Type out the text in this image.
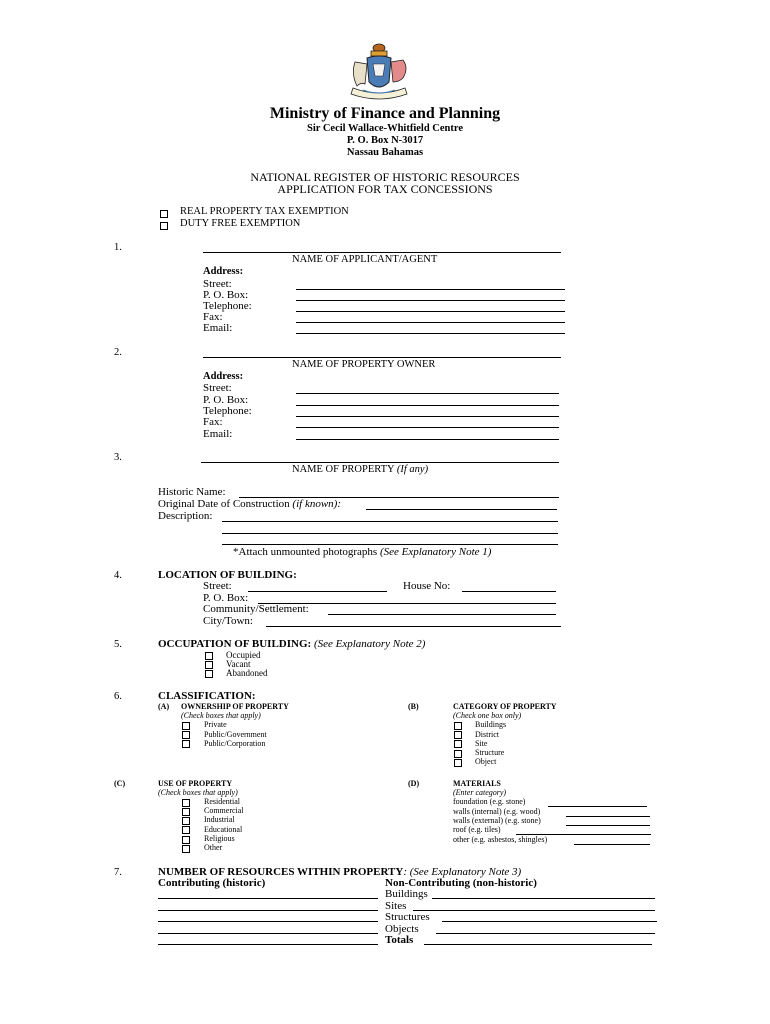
Ministry of Finance and Planning
Sir Cecil Wallace-Whitfield Centre
P. O. Box N-3017
Nassau Bahamas
NATIONAL REGISTER OF HISTORIC RESOURCES
APPLICATION FOR TAX CONCESSIONS
REAL PROPERTY TAX EXEMPTION
DUTY FREE EXEMPTION
1.
NAME OF APPLICANT/AGENT
Address:
Street:
P. O. Box:
Telephone:
Fax:
Email:
2.
NAME OF PROPERTY OWNER
Address:
Street:
P. O. Box:
Telephone:
Fax:
Email:
3.
NAME OF PROPERTY (If any)
Historic Name:
Original Date of Construction (if known):
Description:
*Attach unmounted photographs (See Explanatory Note 1)
4.	LOCATION OF BUILDING:
Street:	House No:
P. O. Box:
Community/Settlement:
City/Town:
5.	OCCUPATION OF BUILDING: (See Explanatory Note 2)
Occupied
Vacant
Abandoned
6.	CLASSIFICATION:
(A) OWNERSHIP OF PROPERTY
(Check boxes that apply)
Private
Public/Government
Public/Corporation
(B)	CATEGORY OF PROPERTY
(Check one box only)
Buildings
District
Site
Structure
Object
(C)	USE OF PROPERTY
(Check boxes that apply)
Residential
Commercial
Industrial
Educational
Religious
Other
(D)	MATERIALS
(Enter category)
foundation (e.g. stone)
walls (internal) (e.g. wood)
walls (external) (e.g. stone)
roof (e.g. tiles)
other (e.g. asbestos, shingles)
7.	NUMBER OF RESOURCES WITHIN PROPERTY: (See Explanatory Note 3)
Contributing (historic)	Non-Contributing (non-historic)
Buildings
Sites
Structures
Objects
Totals
